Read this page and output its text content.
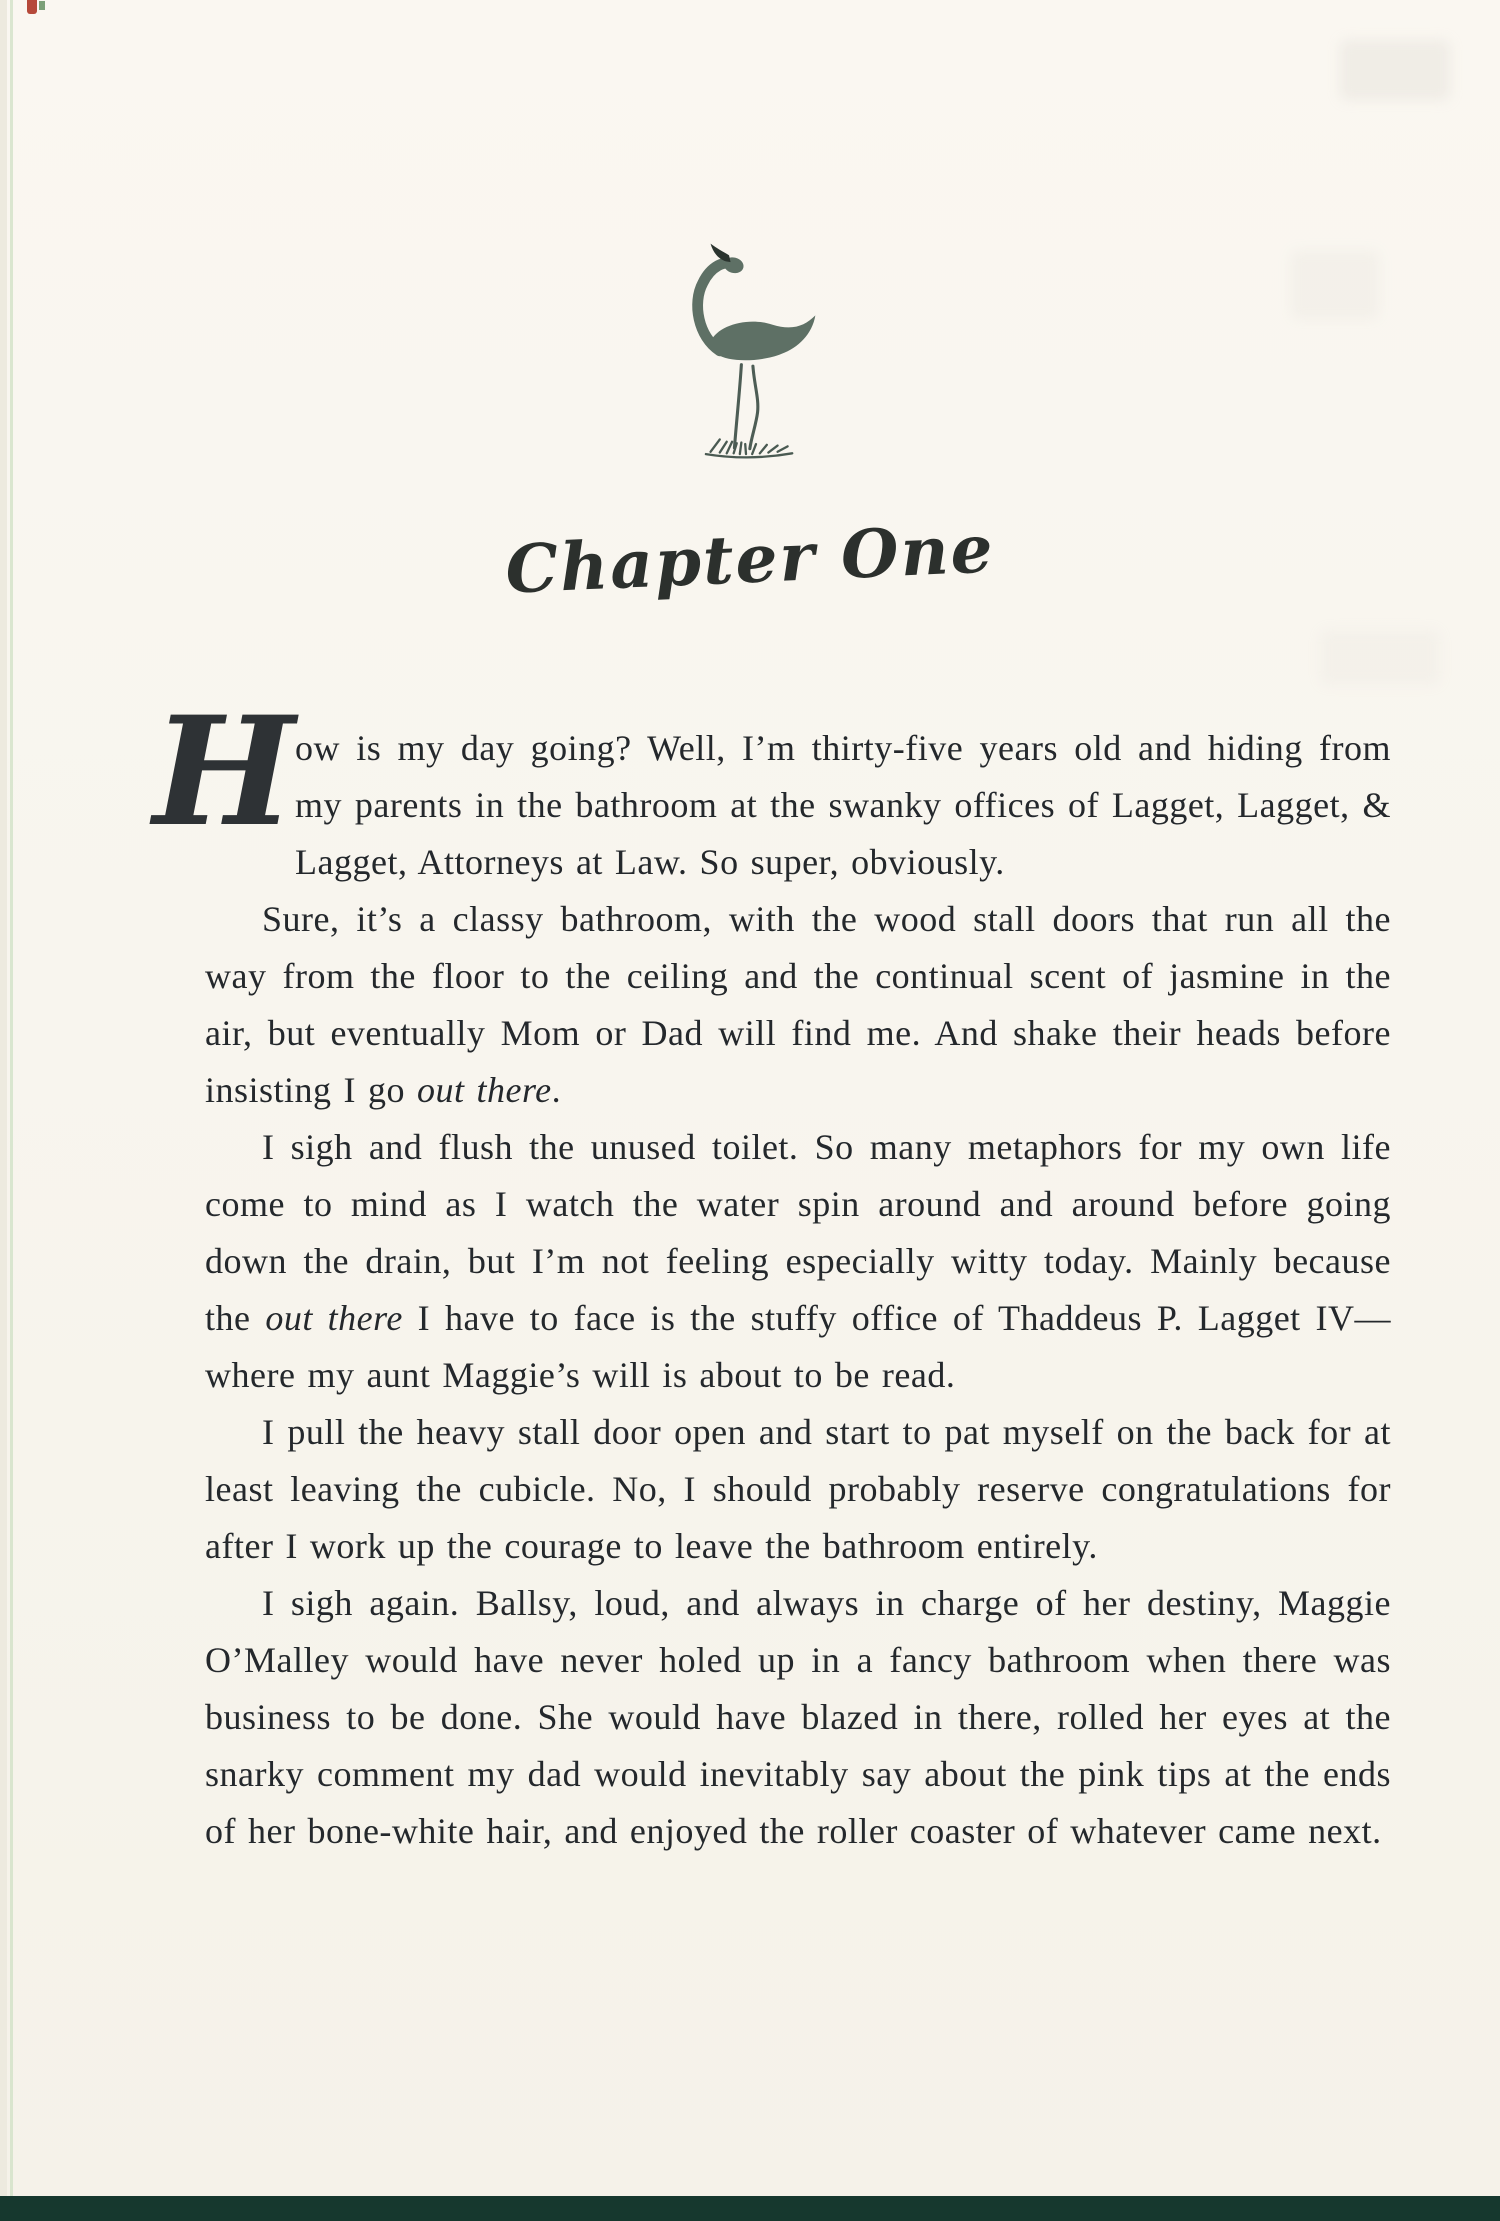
Chapter One

How is my day going? Well, I’m thirty-five years old and hiding from my parents in the bathroom at the swanky offices of Lagget, Lagget, & Lagget, Attorneys at Law. So super, obviously.

Sure, it’s a classy bathroom, with the wood stall doors that run all the way from the floor to the ceiling and the continual scent of jasmine in the air, but eventually Mom or Dad will find me. And shake their heads before insisting I go out there.

I sigh and flush the unused toilet. So many metaphors for my own life come to mind as I watch the water spin around and around before going down the drain, but I’m not feeling especially witty today. Mainly because the out there I have to face is the stuffy office of Thaddeus P. Lagget IV—where my aunt Maggie’s will is about to be read.

I pull the heavy stall door open and start to pat myself on the back for at least leaving the cubicle. No, I should probably reserve congratulations for after I work up the courage to leave the bathroom entirely.

I sigh again. Ballsy, loud, and always in charge of her destiny, Maggie O’Malley would have never holed up in a fancy bathroom when there was business to be done. She would have blazed in there, rolled her eyes at the snarky comment my dad would inevitably say about the pink tips at the ends of her bone-white hair, and enjoyed the roller coaster of whatever came next.
